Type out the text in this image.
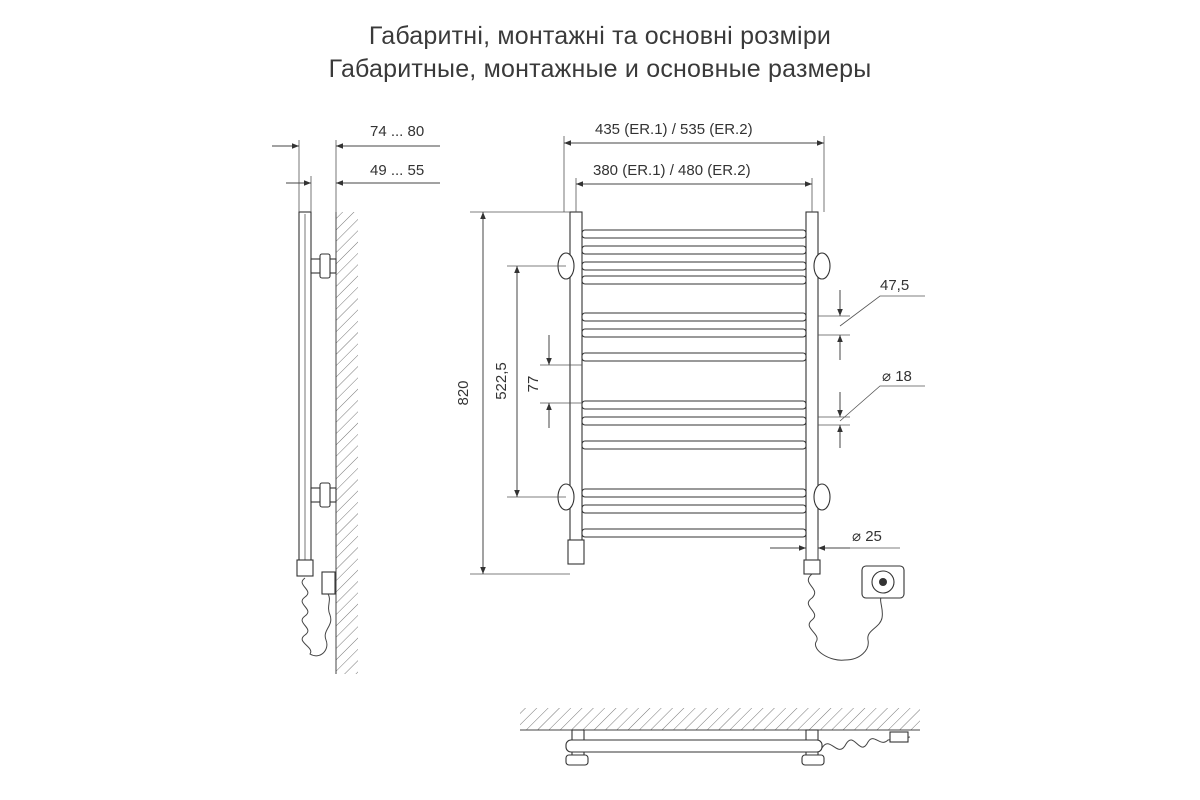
Габаритні, монтажні та основні розміри
Габаритные, монтажные и основные размеры
74 ... 80
49 ... 55
435 (ER.1) / 535 (ER.2)
380 (ER.1) / 480 (ER.2)
820 522,5 77
47,5
⌀ 18
⌀ 25
